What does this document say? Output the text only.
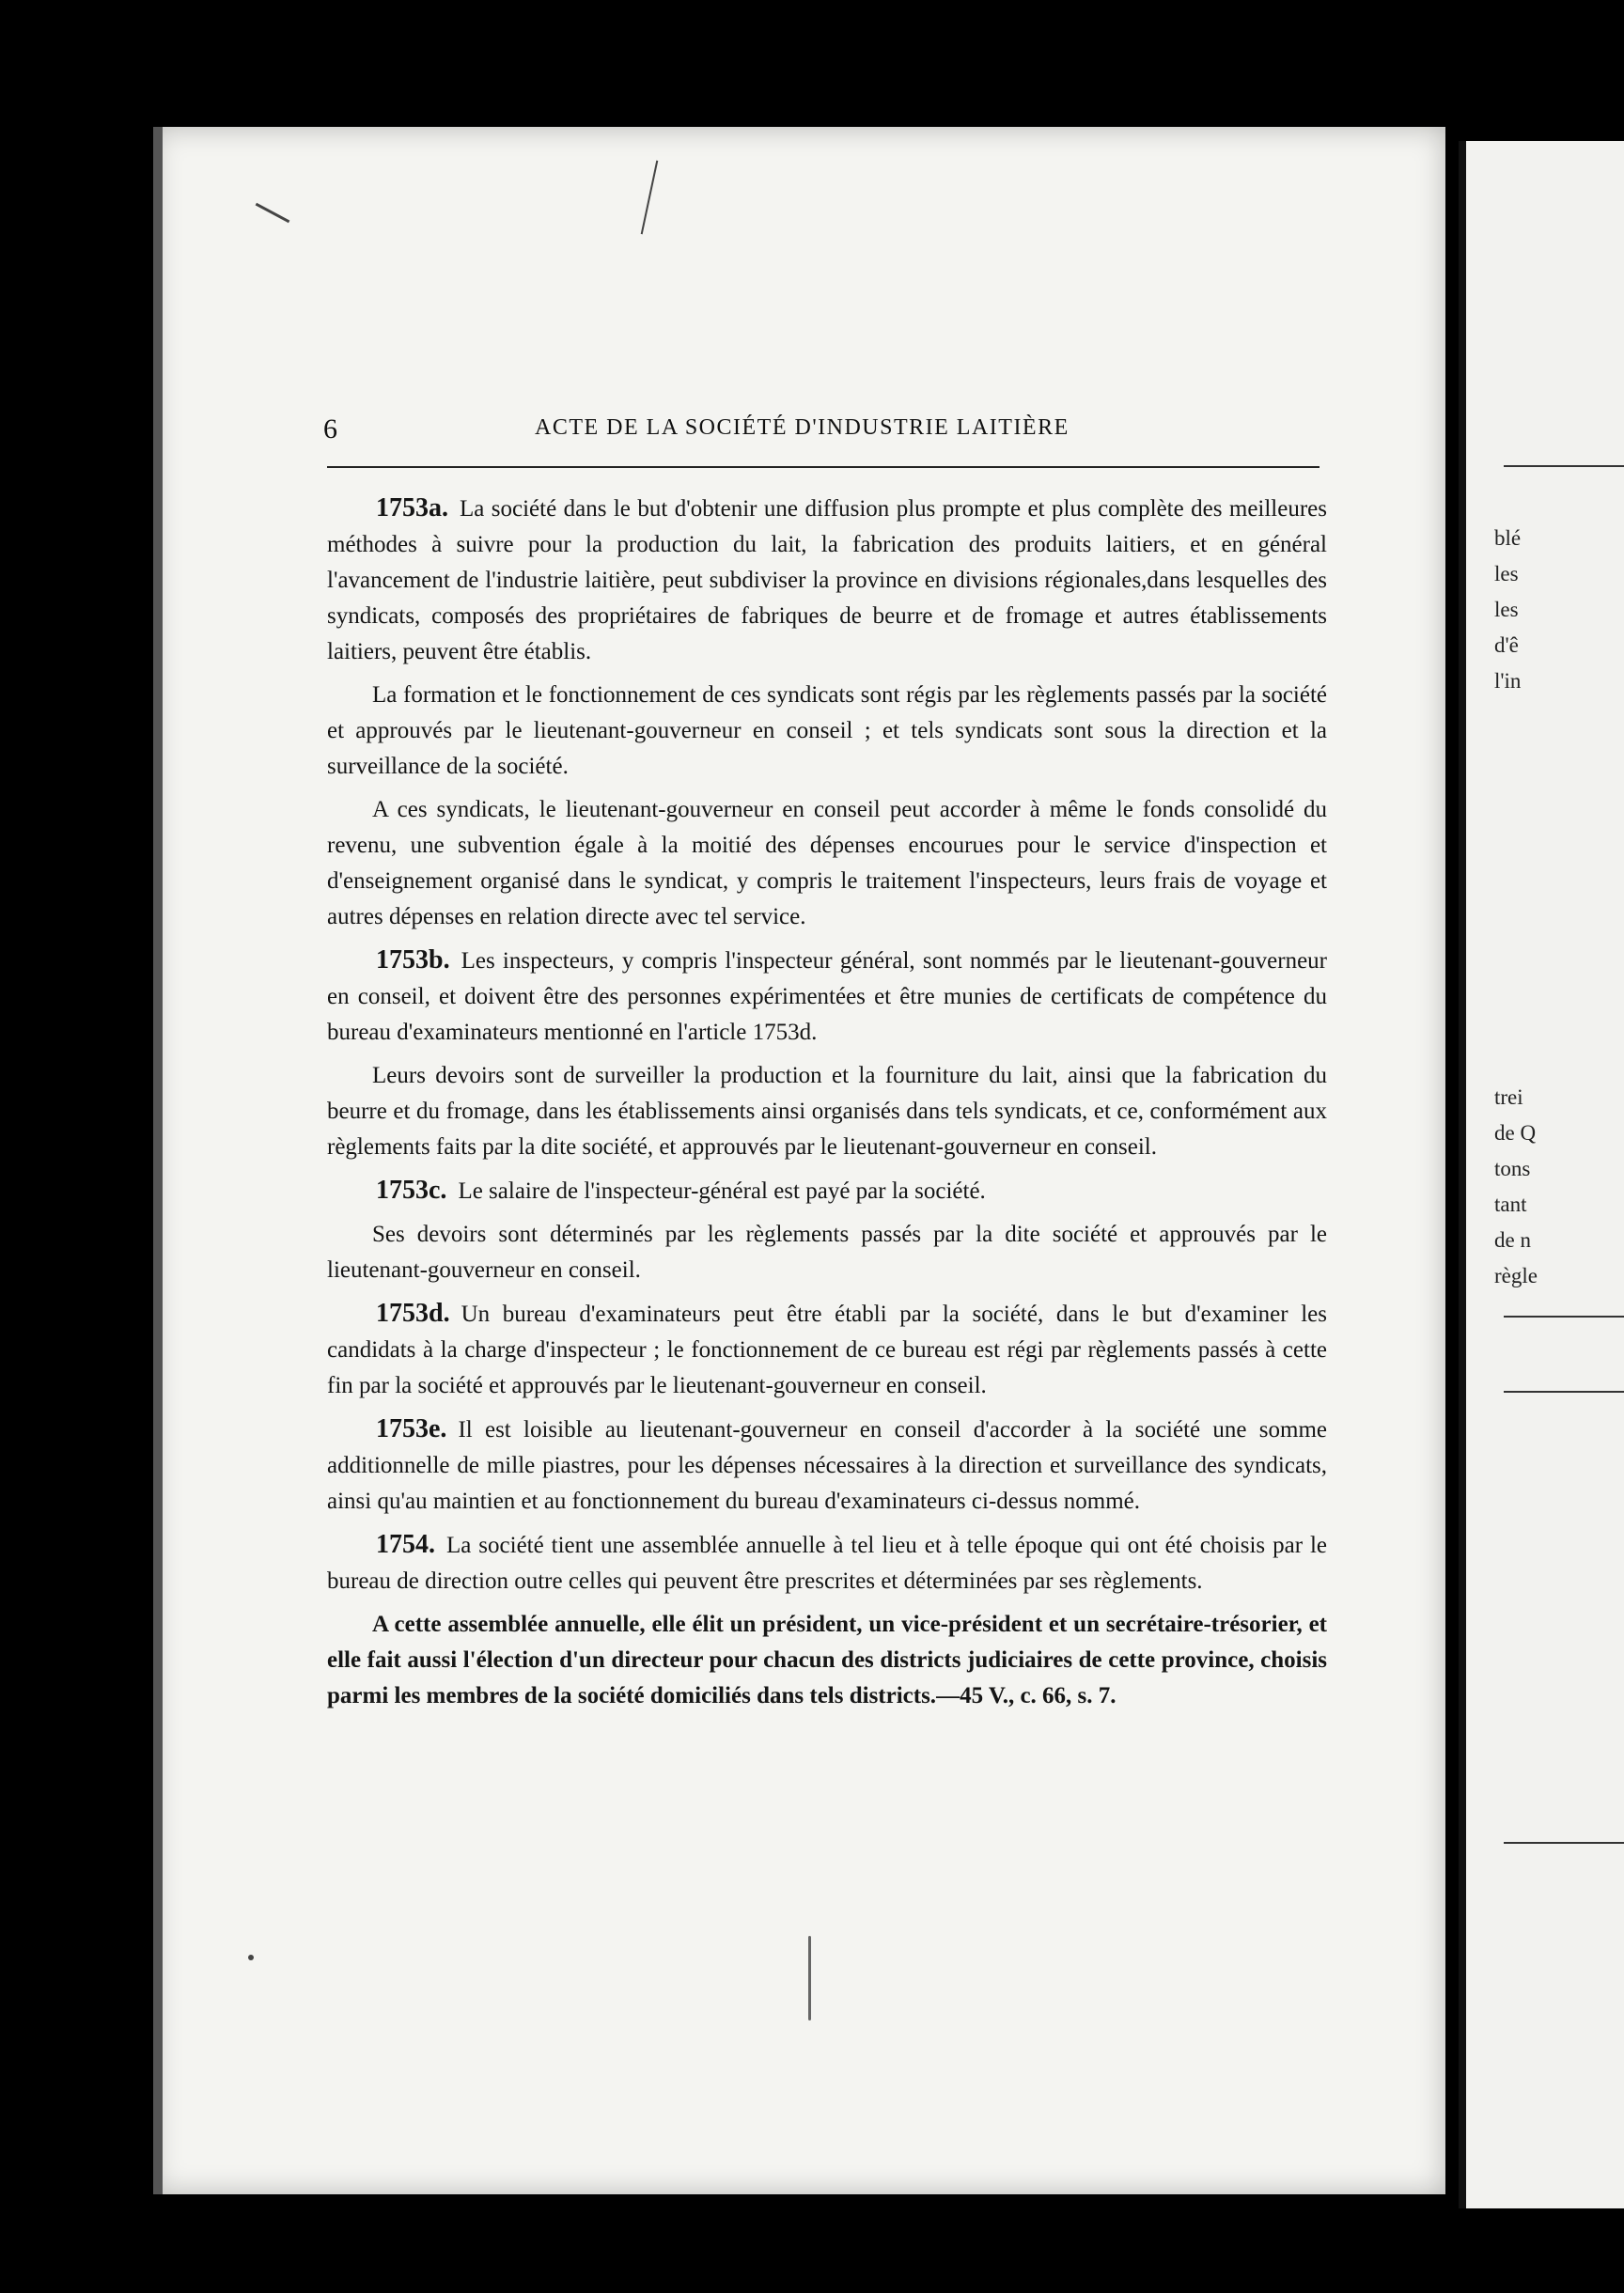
blé

les

les

d'ê

l'in

trei

de Q

tons

tant

de n

règle

6	ACTE DE LA SOCIÉTÉ D'INDUSTRIE LAITIÈRE

1753a. La société dans le but d'obtenir une diffusion plus prompte et plus complète des meilleures méthodes à suivre pour la production du lait, la fabrication des produits laitiers, et en général l'avancement de l'industrie laitière, peut subdiviser la province en divisions régionales,dans lesquelles des syndicats, composés des propriétaires de fabriques de beurre et de fromage et autres établissements laitiers, peuvent être établis.

La formation et le fonctionnement de ces syndicats sont régis par les règlements passés par la société et approuvés par le lieutenant-gouverneur en conseil ; et tels syndicats sont sous la direction et la surveillance de la société.

A ces syndicats, le lieutenant-gouverneur en conseil peut accorder à même le fonds consolidé du revenu, une subvention égale à la moitié des dépenses encourues pour le service d'inspection et d'enseignement organisé dans le syndicat, y compris le traitement l'inspecteurs, leurs frais de voyage et autres dépenses en relation directe avec tel service.

1753b. Les inspecteurs, y compris l'inspecteur général, sont nommés par le lieutenant-gouverneur en conseil, et doivent être des personnes expérimentées et être munies de certificats de compétence du bureau d'examinateurs mentionné en l'article 1753d.

Leurs devoirs sont de surveiller la production et la fourniture du lait, ainsi que la fabrication du beurre et du fromage, dans les établissements ainsi organisés dans tels syndicats, et ce, conformément aux règlements faits par la dite société, et approuvés par le lieutenant-gouverneur en conseil.

1753c. Le salaire de l'inspecteur-général est payé par la société.

Ses devoirs sont déterminés par les règlements passés par la dite société et approuvés par le lieutenant-gouverneur en conseil.

1753d. Un bureau d'examinateurs peut être établi par la société, dans le but d'examiner les candidats à la charge d'inspecteur ; le fonctionnement de ce bureau est régi par règlements passés à cette fin par la société et approuvés par le lieutenant-gouverneur en conseil.

1753e. Il est loisible au lieutenant-gouverneur en conseil d'accorder à la société une somme additionnelle de mille piastres, pour les dépenses nécessaires à la direction et surveillance des syndicats, ainsi qu'au maintien et au fonctionnement du bureau d'examinateurs ci-dessus nommé.

1754. La société tient une assemblée annuelle à tel lieu et à telle époque qui ont été choisis par le bureau de direction outre celles qui peuvent être prescrites et déterminées par ses règlements.

A cette assemblée annuelle, elle élit un président, un vice-président et un secrétaire-trésorier, et elle fait aussi l'élection d'un directeur pour chacun des districts judiciaires de cette province, choisis parmi les membres de la société domiciliés dans tels districts.—45 V., c. 66, s. 7.
